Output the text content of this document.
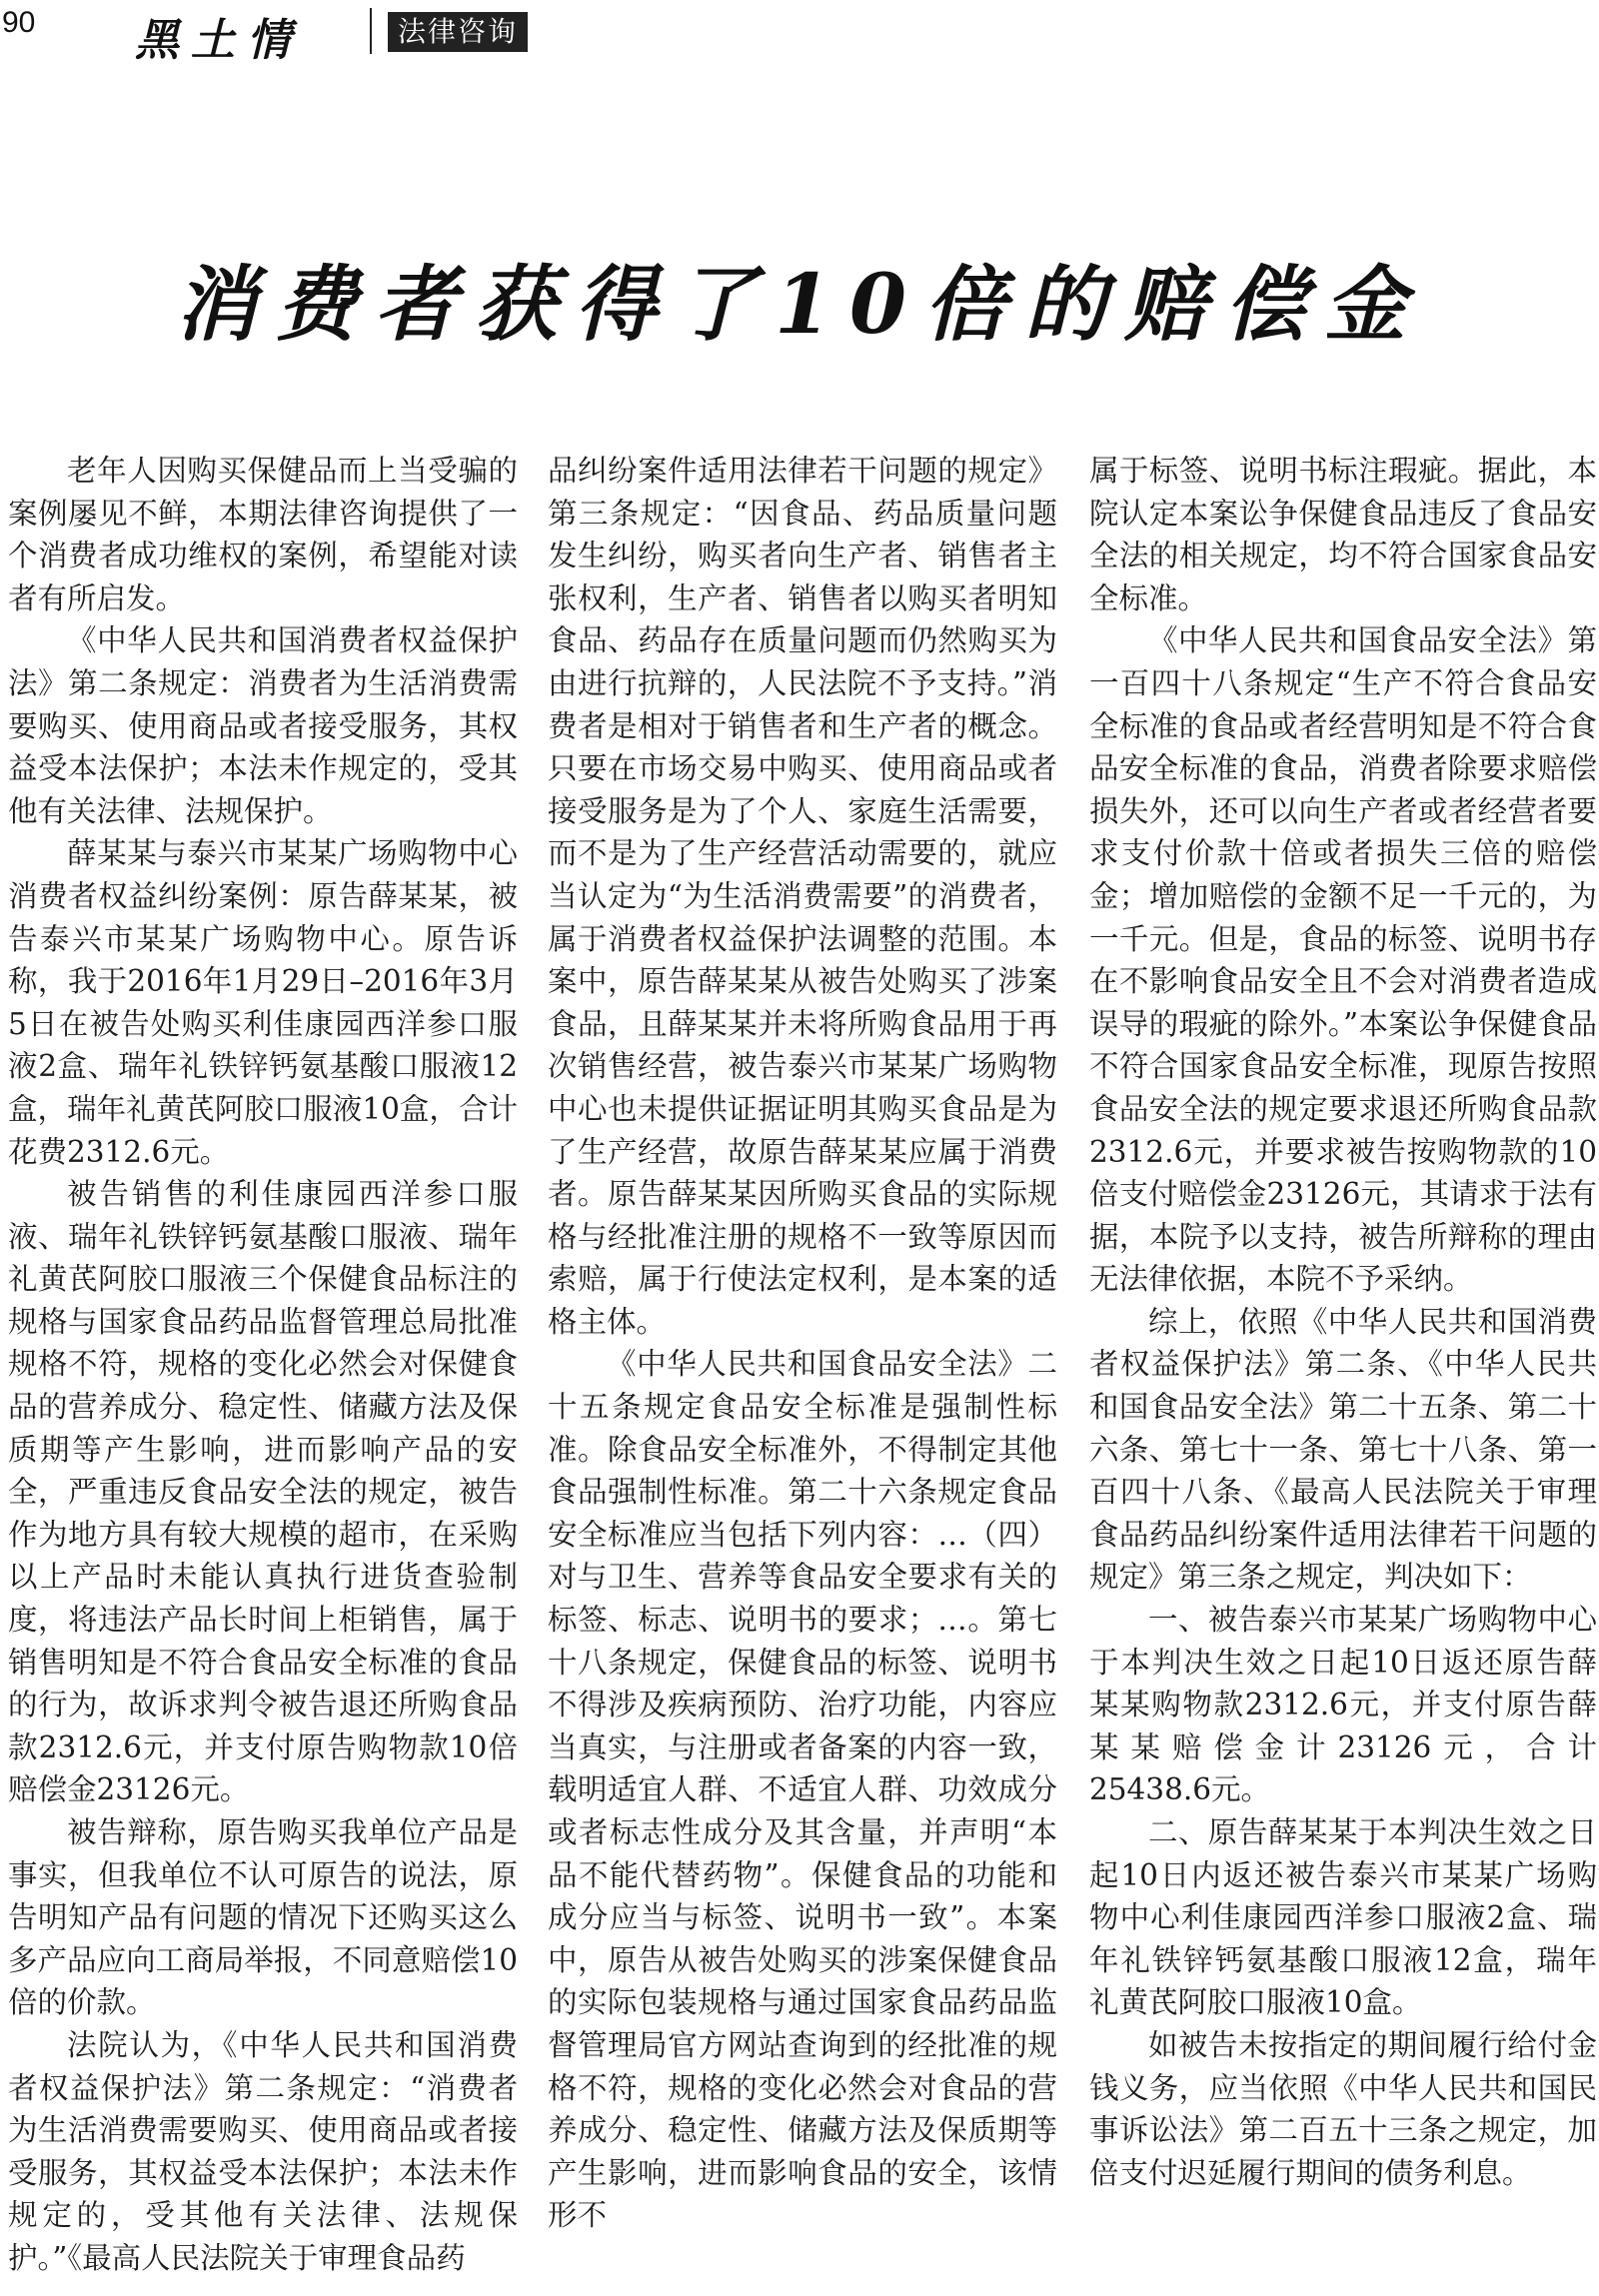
90 黑土情	法律咨询
消费者获得了10倍的赔偿金

老年人因购买保健品而上当受骗的案例屡见不鲜，本期法律咨询提供了一个消费者成功维权的案例，希望能对读者有所启发。

《中华人民共和国消费者权益保护法》第二条规定：消费者为生活消费需要购买、使用商品或者接受服务，其权益受本法保护；本法未作规定的，受其他有关法律、法规保护。

薛某某与泰兴市某某广场购物中心消费者权益纠纷案例：原告薛某某，被告泰兴市某某广场购物中心。原告诉称，我于2016年1月29日–2016年3月5日在被告处购买利佳康园西洋参口服液2盒、瑞年礼铁锌钙氨基酸口服液12盒，瑞年礼黄芪阿胶口服液10盒，合计花费2312.6元。

被告销售的利佳康园西洋参口服液、瑞年礼铁锌钙氨基酸口服液、瑞年礼黄芪阿胶口服液三个保健食品标注的规格与国家食品药品监督管理总局批准规格不符，规格的变化必然会对保健食品的营养成分、稳定性、储藏方法及保质期等产生影响，进而影响产品的安全，严重违反食品安全法的规定，被告作为地方具有较大规模的超市，在采购以上产品时未能认真执行进货查验制度，将违法产品长时间上柜销售，属于销售明知是不符合食品安全标准的食品的行为，故诉求判令被告退还所购食品款2312.6元，并支付原告购物款10倍赔偿金23126元。

被告辩称，原告购买我单位产品是事实，但我单位不认可原告的说法，原告明知产品有问题的情况下还购买这么多产品应向工商局举报，不同意赔偿10倍的价款。

法院认为，《中华人民共和国消费者权益保护法》第二条规定：“消费者为生活消费需要购买、使用商品或者接受服务，其权益受本法保护；本法未作规定的，受其他有关法律、法规保护。”《最高人民法院关于审理食品药

品纠纷案件适用法律若干问题的规定》第三条规定：“因食品、药品质量问题发生纠纷，购买者向生产者、销售者主张权利，生产者、销售者以购买者明知食品、药品存在质量问题而仍然购买为由进行抗辩的，人民法院不予支持。”消费者是相对于销售者和生产者的概念。只要在市场交易中购买、使用商品或者接受服务是为了个人、家庭生活需要，而不是为了生产经营活动需要的，就应当认定为“为生活消费需要”的消费者，属于消费者权益保护法调整的范围。本案中，原告薛某某从被告处购买了涉案食品，且薛某某并未将所购食品用于再次销售经营，被告泰兴市某某广场购物中心也未提供证据证明其购买食品是为了生产经营，故原告薛某某应属于消费者。原告薛某某因所购买食品的实际规格与经批准注册的规格不一致等原因而索赔，属于行使法定权利，是本案的适格主体。

《中华人民共和国食品安全法》二十五条规定食品安全标准是强制性标准。除食品安全标准外，不得制定其他食品强制性标准。第二十六条规定食品安全标准应当包括下列内容：…（四）对与卫生、营养等食品安全要求有关的标签、标志、说明书的要求；…。第七十八条规定，保健食品的标签、说明书不得涉及疾病预防、治疗功能，内容应当真实，与注册或者备案的内容一致，载明适宜人群、不适宜人群、功效成分或者标志性成分及其含量，并声明“本品不能代替药物”。保健食品的功能和成分应当与标签、说明书一致”。本案中，原告从被告处购买的涉案保健食品的实际包装规格与通过国家食品药品监督管理局官方网站查询到的经批准的规格不符，规格的变化必然会对食品的营养成分、稳定性、储藏方法及保质期等产生影响，进而影响食品的安全，该情形不

属于标签、说明书标注瑕疵。据此，本院认定本案讼争保健食品违反了食品安全法的相关规定，均不符合国家食品安全标准。

《中华人民共和国食品安全法》第一百四十八条规定“生产不符合食品安全标准的食品或者经营明知是不符合食品安全标准的食品，消费者除要求赔偿损失外，还可以向生产者或者经营者要求支付价款十倍或者损失三倍的赔偿金；增加赔偿的金额不足一千元的，为一千元。但是，食品的标签、说明书存在不影响食品安全且不会对消费者造成误导的瑕疵的除外。”本案讼争保健食品不符合国家食品安全标准，现原告按照食品安全法的规定要求退还所购食品款2312.6元，并要求被告按购物款的10倍支付赔偿金23126元，其请求于法有据，本院予以支持，被告所辩称的理由无法律依据，本院不予采纳。

综上，依照《中华人民共和国消费者权益保护法》第二条、《中华人民共和国食品安全法》第二十五条、第二十六条、第七十一条、第七十八条、第一百四十八条、《最高人民法院关于审理食品药品纠纷案件适用法律若干问题的规定》第三条之规定，判决如下：

一、被告泰兴市某某广场购物中心于本判决生效之日起10日返还原告薛某某购物款2312.6元，并支付原告薛某某赔偿金计23126元，合计25438.6元。

二、原告薛某某于本判决生效之日起10日内返还被告泰兴市某某广场购物中心利佳康园西洋参口服液2盒、瑞年礼铁锌钙氨基酸口服液12盒，瑞年礼黄芪阿胶口服液10盒。

如被告未按指定的期间履行给付金钱义务，应当依照《中华人民共和国民事诉讼法》第二百五十三条之规定，加倍支付迟延履行期间的债务利息。
